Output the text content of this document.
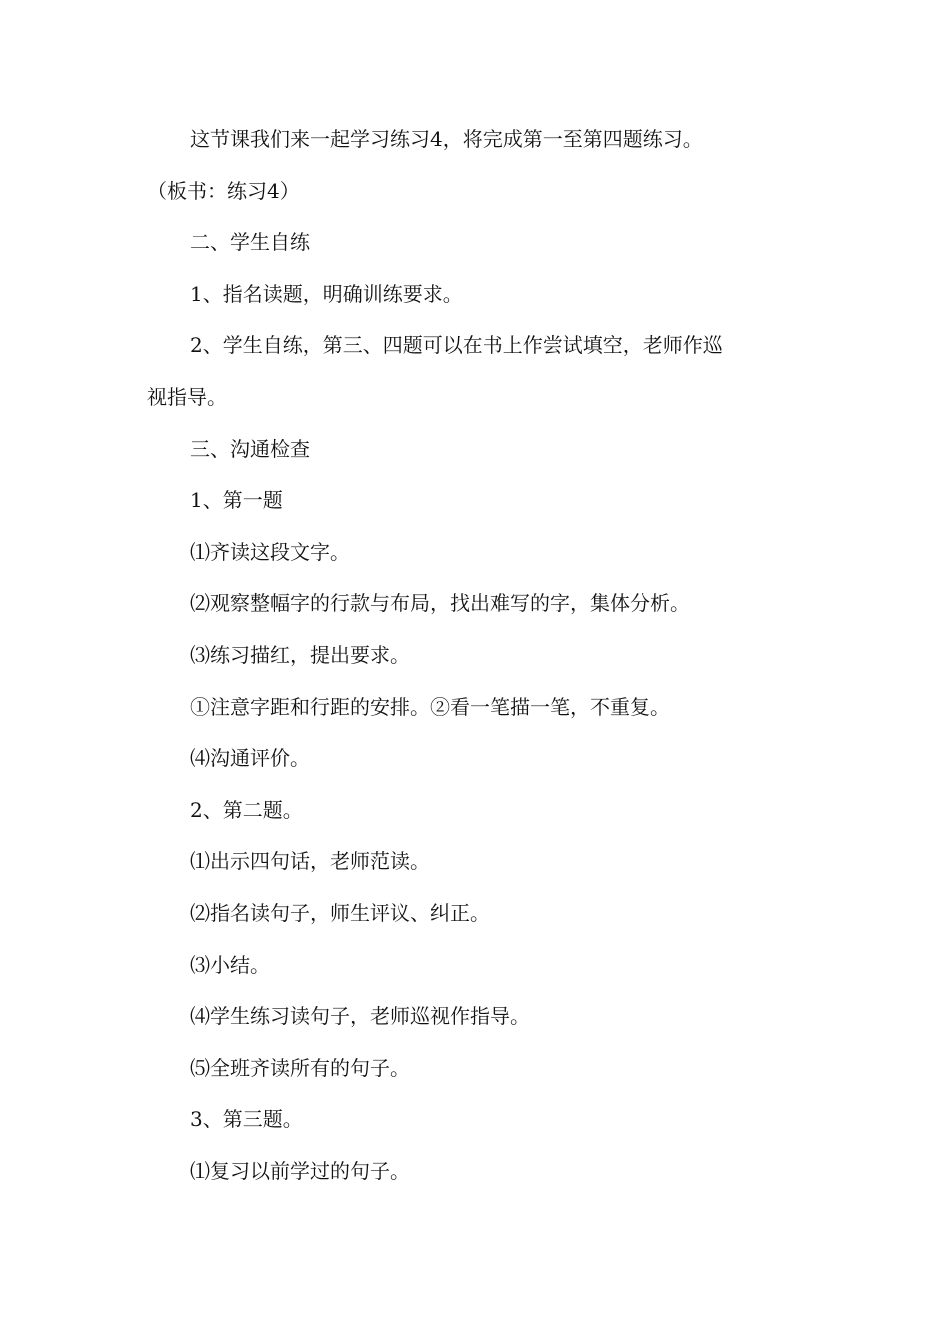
这节课我们来一起学习练习4，将完成第一至第四题练习。

（板书：练习4）

二、学生自练

1、指名读题，明确训练要求。

2、学生自练，第三、四题可以在书上作尝试填空，老师作巡

视指导。

三、沟通检查

1、第一题

⑴齐读这段文字。

⑵观察整幅字的行款与布局，找出难写的字，集体分析。

⑶练习描红，提出要求。

①注意字距和行距的安排。②看一笔描一笔，不重复。

⑷沟通评价。

2、第二题。

⑴出示四句话，老师范读。

⑵指名读句子，师生评议、纠正。

⑶小结。

⑷学生练习读句子，老师巡视作指导。

⑸全班齐读所有的句子。

3、第三题。

⑴复习以前学过的句子。
